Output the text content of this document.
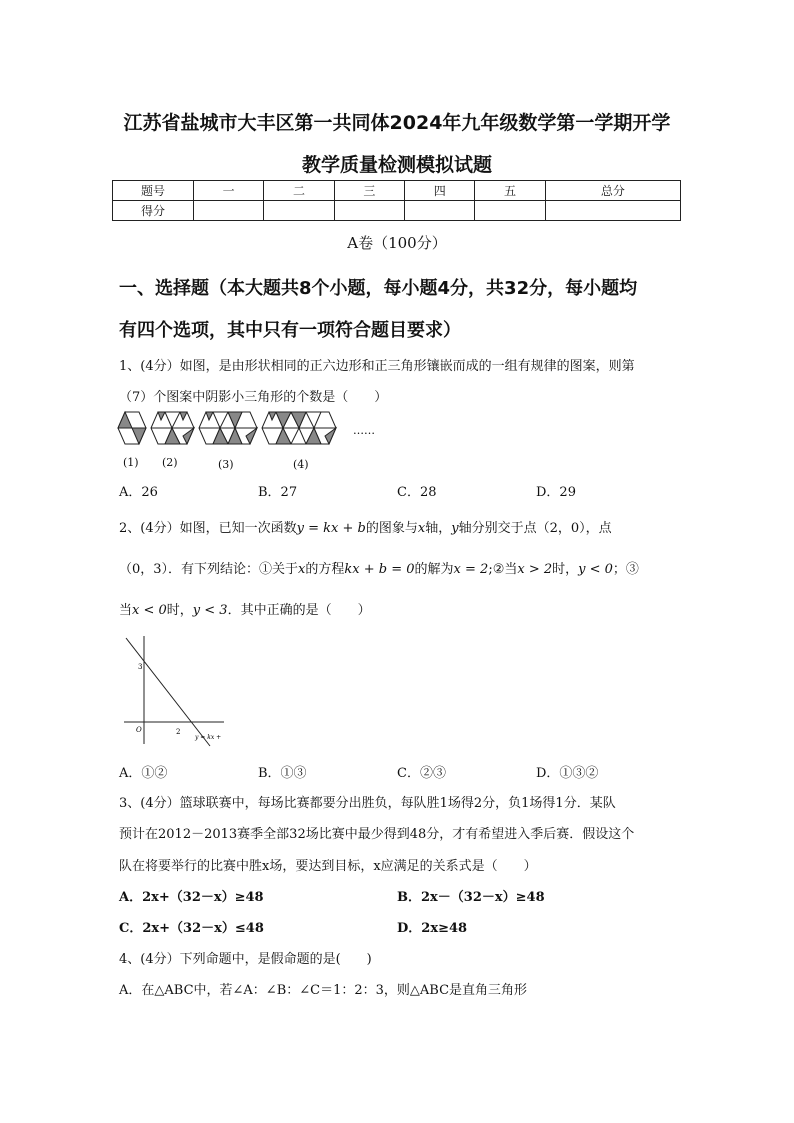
江苏省盐城市大丰区第一共同体2024年九年级数学第一学期开学
教学质量检测模拟试题
题号	一	二	三	四	五	总分
得分						
A卷（100分）
一、选择题（本大题共8个小题，每小题4分，共32分，每小题均
有四个选项，其中只有一项符合题目要求）
1、(4分）如图，是由形状相同的正六边形和正三角形镶嵌而成的一组有规律的图案，则第
（7）个图案中阴影小三角形的个数是（　　）
……
(1) (2)	(3)	(4)
A．26	B．27	C．28	D．29
2、(4分）如图，已知一次函数y = kx + b的图象与x轴，y轴分别交于点（2，0），点
（0，3）．有下列结论：①关于x的方程kx + b = 0的解为x = 2;②当x > 2时，y < 0；③
当x < 0时，y < 3．其中正确的是（　　）
3
O	2
y = kx +
A．①②	B．①③	C．②③	D．①③②
3、(4分）篮球联赛中，每场比赛都要分出胜负，每队胜1场得2分，负1场得1分．某队
预计在2012－2013赛季全部32场比赛中最少得到48分，才有希望进入季后赛．假设这个
队在将要举行的比赛中胜x场，要达到目标，x应满足的关系式是（　　）
A．2x+（32－x）≥48	B．2x－（32－x）≥48
C．2x+（32－x）≤48	D．2x≥48
4、(4分）下列命题中，是假命题的是(　　)
A．在△ABC中，若∠A：∠B：∠C＝1：2：3，则△ABC是直角三角形
